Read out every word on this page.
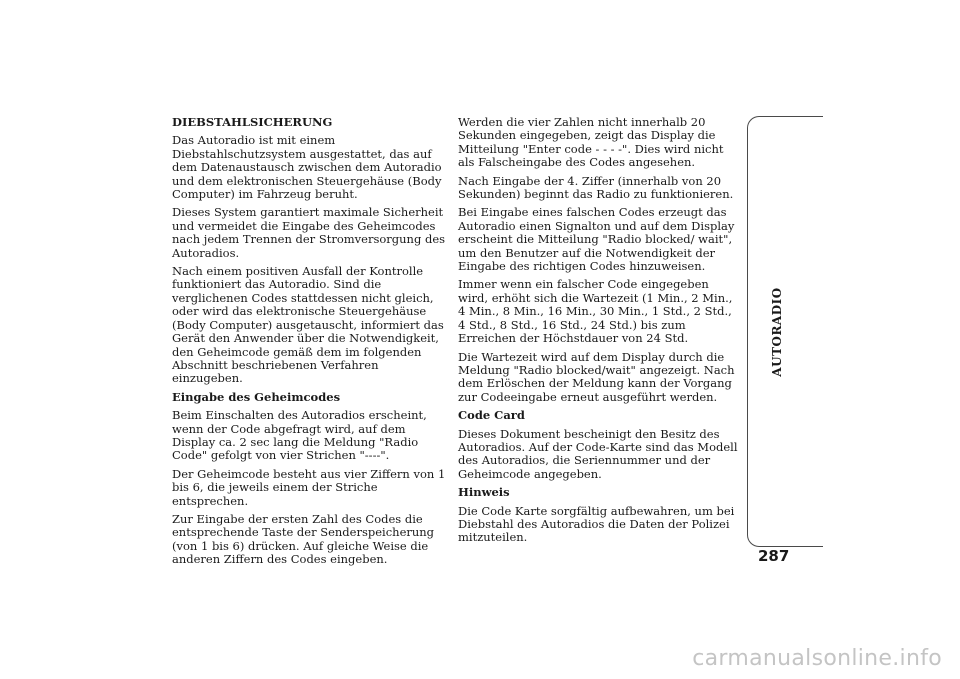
DIEBSTAHLSICHERUNG

Das Autoradio ist mit einem Diebstahlschutzsystem ausgestattet, das auf dem Datenaustausch zwischen dem Autoradio und dem elektronischen Steuergehäuse (Body Computer) im Fahrzeug beruht.

Dieses System garantiert maximale Sicherheit und vermeidet die Eingabe des Geheimcodes nach jedem Trennen der Stromversorgung des Autoradios.

Nach einem positiven Ausfall der Kontrolle funktioniert das Autoradio. Sind die verglichenen Codes stattdessen nicht gleich, oder wird das elektronische Steuergehäuse (Body Computer) ausgetauscht, informiert das Gerät den Anwender über die Notwendigkeit, den Geheimcode gemäß dem im folgenden Abschnitt beschriebenen Verfahren einzugeben.

Eingabe des Geheimcodes

Beim Einschalten des Autoradios erscheint, wenn der Code abgefragt wird, auf dem Display ca. 2 sec lang die Meldung "Radio Code" gefolgt von vier Strichen "----".

Der Geheimcode besteht aus vier Ziffern von 1 bis 6, die jeweils einem der Striche entsprechen.

Zur Eingabe der ersten Zahl des Codes die entsprechende Taste der Senderspeicherung (von 1 bis 6) drücken. Auf gleiche Weise die anderen Ziffern des Codes eingeben.

Werden die vier Zahlen nicht innerhalb 20 Sekunden eingegeben, zeigt das Display die Mitteilung "Enter code - - - -". Dies wird nicht als Falscheingabe des Codes angesehen.

Nach Eingabe der 4. Ziffer (innerhalb von 20 Sekunden) beginnt das Radio zu funktionieren.

Bei Eingabe eines falschen Codes erzeugt das Autoradio einen Signalton und auf dem Display erscheint die Mitteilung "Radio blocked/ wait", um den Benutzer auf die Notwendigkeit der Eingabe des richtigen Codes hinzuweisen.

Immer wenn ein falscher Code eingegeben wird, erhöht sich die Wartezeit (1 Min., 2 Min., 4 Min., 8 Min., 16 Min., 30 Min., 1 Std., 2 Std., 4 Std., 8 Std., 16 Std., 24 Std.) bis zum Erreichen der Höchstdauer von 24 Std.

Die Wartezeit wird auf dem Display durch die Meldung "Radio blocked/wait" angezeigt. Nach dem Erlöschen der Meldung kann der Vorgang zur Codeeingabe erneut ausgeführt werden.

Code Card

Dieses Dokument bescheinigt den Besitz des Autoradios. Auf der Code-Karte sind das Modell des Autoradios, die Seriennummer und der Geheimcode angegeben.

Hinweis

Die Code Karte sorgfältig aufbewahren, um bei Diebstahl des Autoradios die Daten der Polizei mitzuteilen.

AUTORADIO
287
carmanualsonline.info
